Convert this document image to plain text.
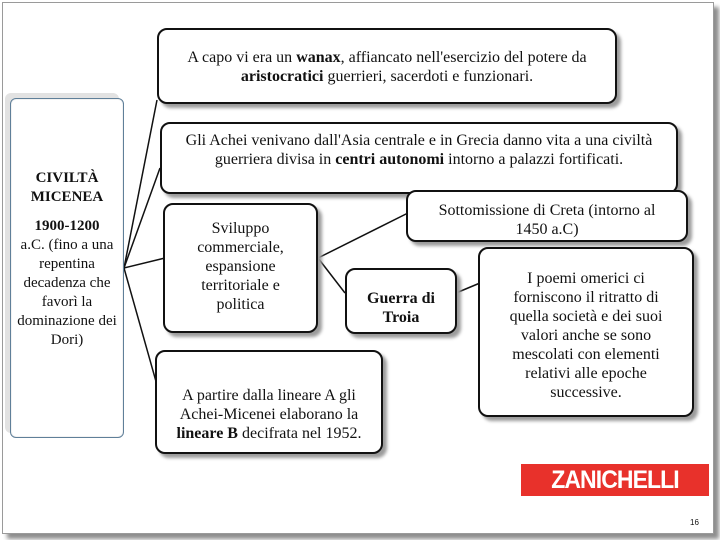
CIVILTÀ MICENEA
1900-1200
a.C. (fino a una repentina decadenza che favorì la dominazione dei Dori)
A capo vi era un wanax, affiancato nell'esercizio del potere da aristocratici guerrieri, sacerdoti e funzionari.
Gli Achei venivano dall'Asia centrale e in Grecia danno vita a una civiltà guerriera divisa in centri autonomi intorno a palazzi fortificati.
Sottomissione di Creta (intorno al 1450 a.C)
Sviluppo commerciale, espansione territoriale e politica	Guerra di Troia
I poemi omerici ci forniscono il ritratto di quella società e dei suoi valori anche se sono mescolati con elementi relativi alle epoche successive.
A partire dalla lineare A gli Achei-Micenei elaborano la lineare B decifrata nel 1952.
ZANICHELLI
16
